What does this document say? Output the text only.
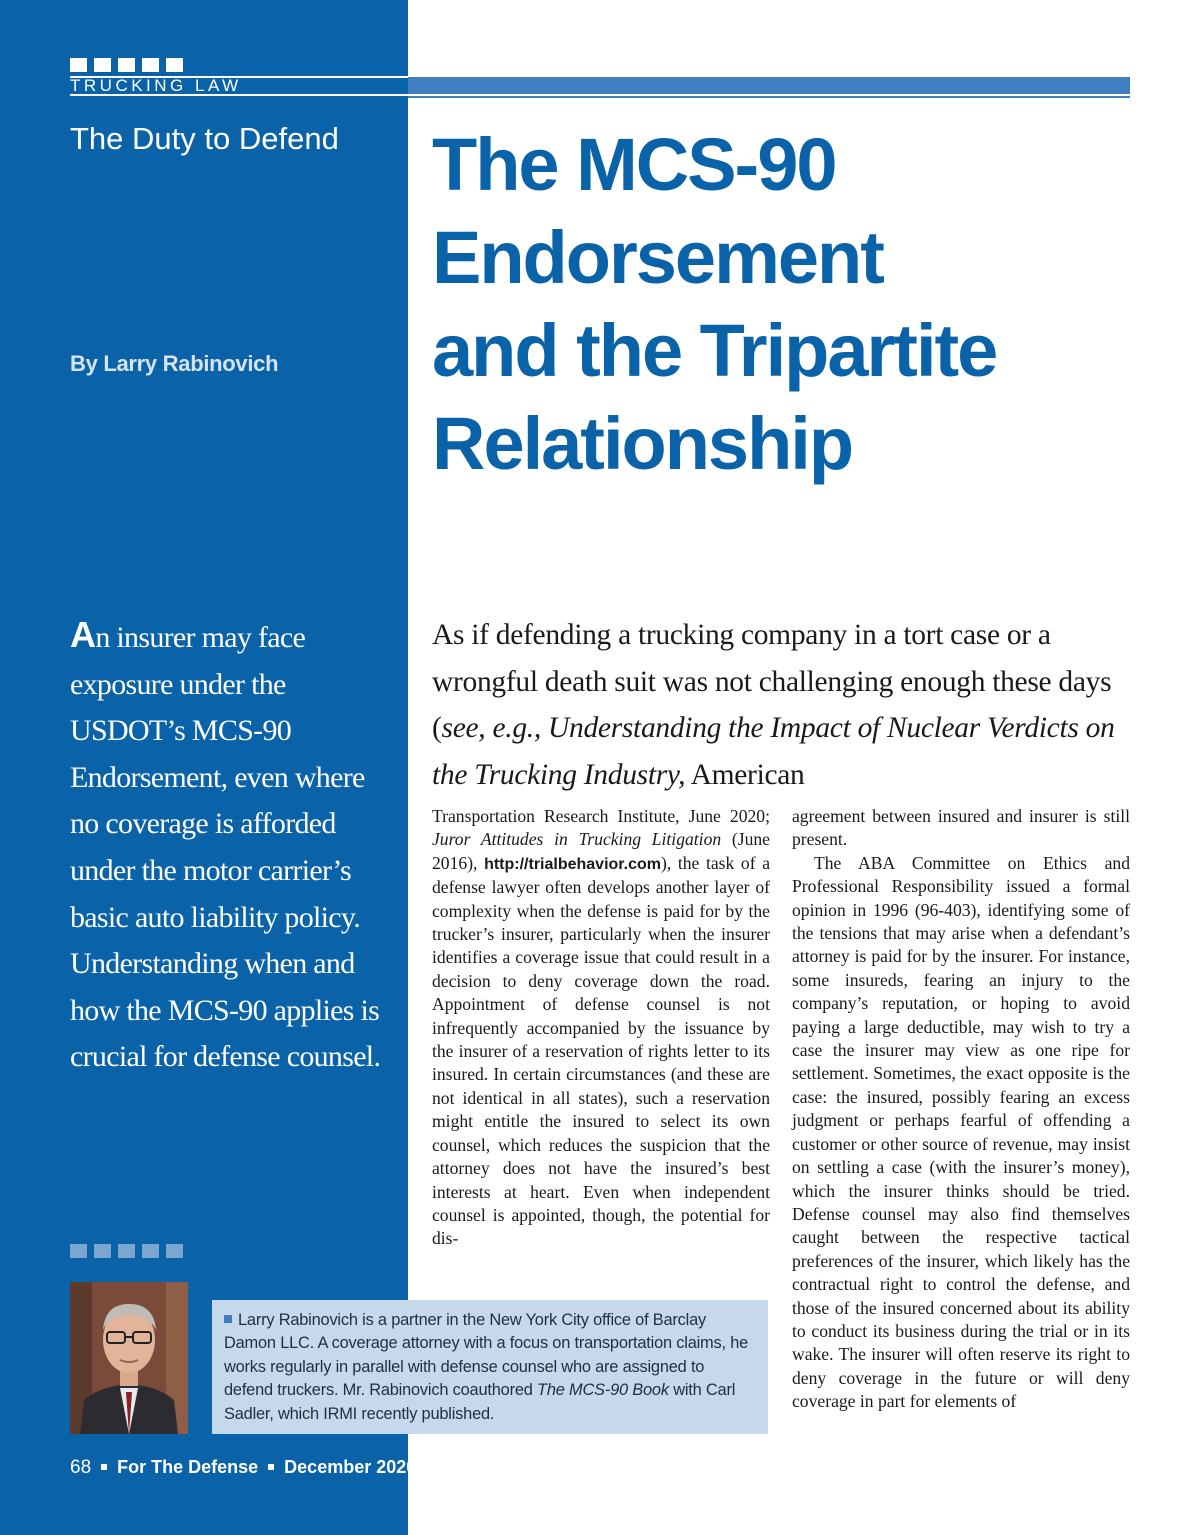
TRUCKING LAW
The Duty to Defend
By Larry Rabinovich
The MCS-90
Endorsement
and the Tripartite
Relationship

An insurer may face exposure under the USDOT’s MCS-90 Endorsement, even where no coverage is afforded under the motor carrier’s basic auto liability policy. Understanding when and how the MCS-90 applies is crucial for defense counsel.

As if defending a trucking company in a tort case or a wrongful death suit was not challenging enough these days (see, e.g., Understanding the Impact of Nuclear Verdicts on the Trucking Industry, American

Transportation Research Institute, June 2020; Juror Attitudes in Trucking Litigation (June 2016), http://trialbehavior.com), the task of a defense lawyer often develops another layer of complexity when the defense is paid for by the trucker’s insurer, particularly when the insurer identifies a coverage issue that could result in a decision to deny coverage down the road. Appointment of defense counsel is not infrequently accompanied by the issuance by the insurer of a reservation of rights letter to its insured. In certain circumstances (and these are not identical in all states), such a reservation might entitle the insured to select its own counsel, which reduces the suspicion that the attorney does not have the insured’s best interests at heart. Even when independent counsel is appointed, though, the potential for dis-

agreement between insured and insurer is still present.

The ABA Committee on Ethics and Professional Responsibility issued a formal opinion in 1996 (96-403), identifying some of the tensions that may arise when a defendant’s attorney is paid for by the insurer. For instance, some insureds, fearing an injury to the company’s reputation, or hoping to avoid paying a large deductible, may wish to try a case the insurer may view as one ripe for settlement. Sometimes, the exact opposite is the case: the insured, possibly fearing an excess judgment or perhaps fearful of offending a customer or other source of revenue, may insist on settling a case (with the insurer’s money), which the insurer thinks should be tried. Defense counsel may also find themselves caught between the respective tactical preferences of the insurer, which likely has the contractual right to control the defense, and those of the insured concerned about its ability to conduct its business during the trial or in its wake. The insurer will often reserve its right to deny coverage in the future or will deny coverage in part for elements of

Larry Rabinovich is a partner in the New York City office of Barclay Damon LLC. A coverage attorney with a focus on transportation claims, he works regularly in parallel with defense counsel who are assigned to defend truckers. Mr. Rabinovich coauthored The MCS-90 Book with Carl Sadler, which IRMI recently published.
68 For The Defense December 2020
